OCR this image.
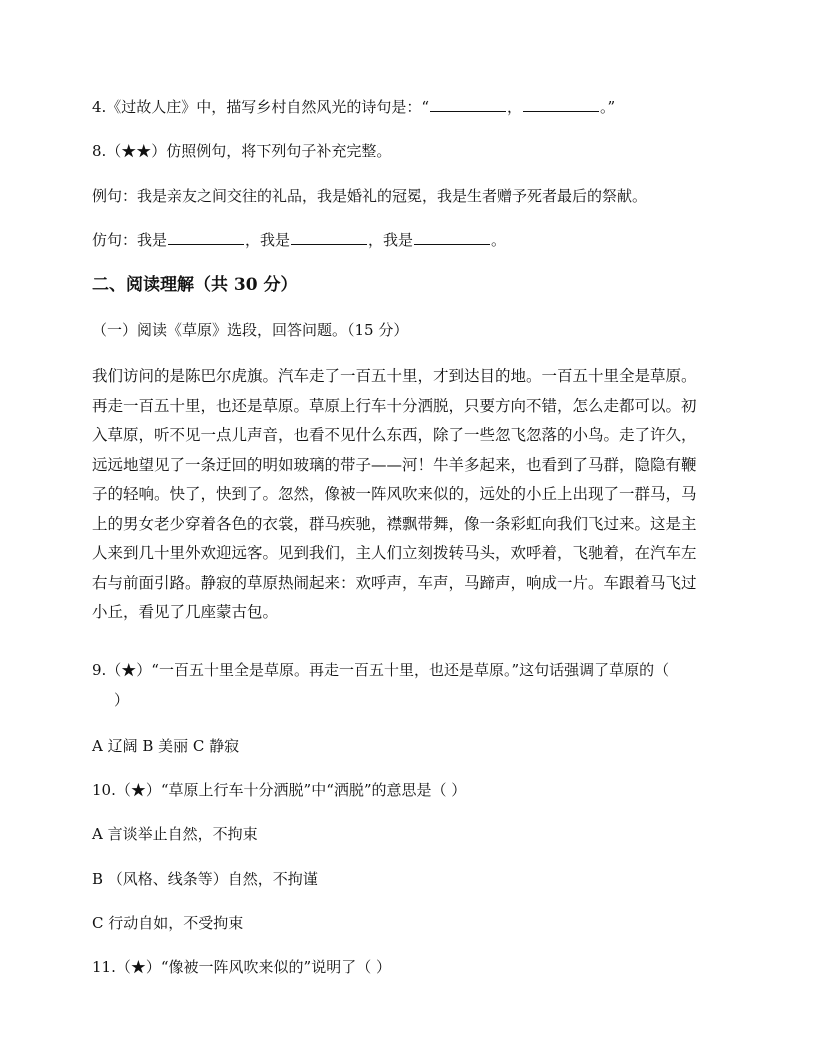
4.《过故人庄》中，描写乡村自然风光的诗句是：“	，	。”
8.（★★）仿照例句，将下列句子补充完整。
例句：我是亲友之间交往的礼品，我是婚礼的冠冕，我是生者赠予死者最后的祭献。
仿句：我是	，我是	，我是	。
二、阅读理解（共 30 分）
（一）阅读《草原》选段，回答问题。（15 分）
我们访问的是陈巴尔虎旗。汽车走了一百五十里，才到达目的地。一百五十里全是草原。
再走一百五十里，也还是草原。草原上行车十分洒脱，只要方向不错，怎么走都可以。初
入草原，听不见一点儿声音，也看不见什么东西，除了一些忽飞忽落的小鸟。走了许久，
远远地望见了一条迂回的明如玻璃的带子——河！牛羊多起来，也看到了马群，隐隐有鞭
子的轻响。快了，快到了。忽然，像被一阵风吹来似的，远处的小丘上出现了一群马，马
上的男女老少穿着各色的衣裳，群马疾驰，襟飘带舞，像一条彩虹向我们飞过来。这是主
人来到几十里外欢迎远客。见到我们，主人们立刻拨转马头，欢呼着，飞驰着，在汽车左
右与前面引路。静寂的草原热闹起来：欢呼声，车声，马蹄声，响成一片。车跟着马飞过
小丘，看见了几座蒙古包。
9.（★）“一百五十里全是草原。再走一百五十里，也还是草原。”这句话强调了草原的（
）
A 辽阔 B 美丽 C 静寂
10.（★）“草原上行车十分洒脱”中“洒脱”的意思是（ ）
A 言谈举止自然，不拘束
B （风格、线条等）自然，不拘谨
C 行动自如，不受拘束
11.（★）“像被一阵风吹来似的”说明了（ ）
